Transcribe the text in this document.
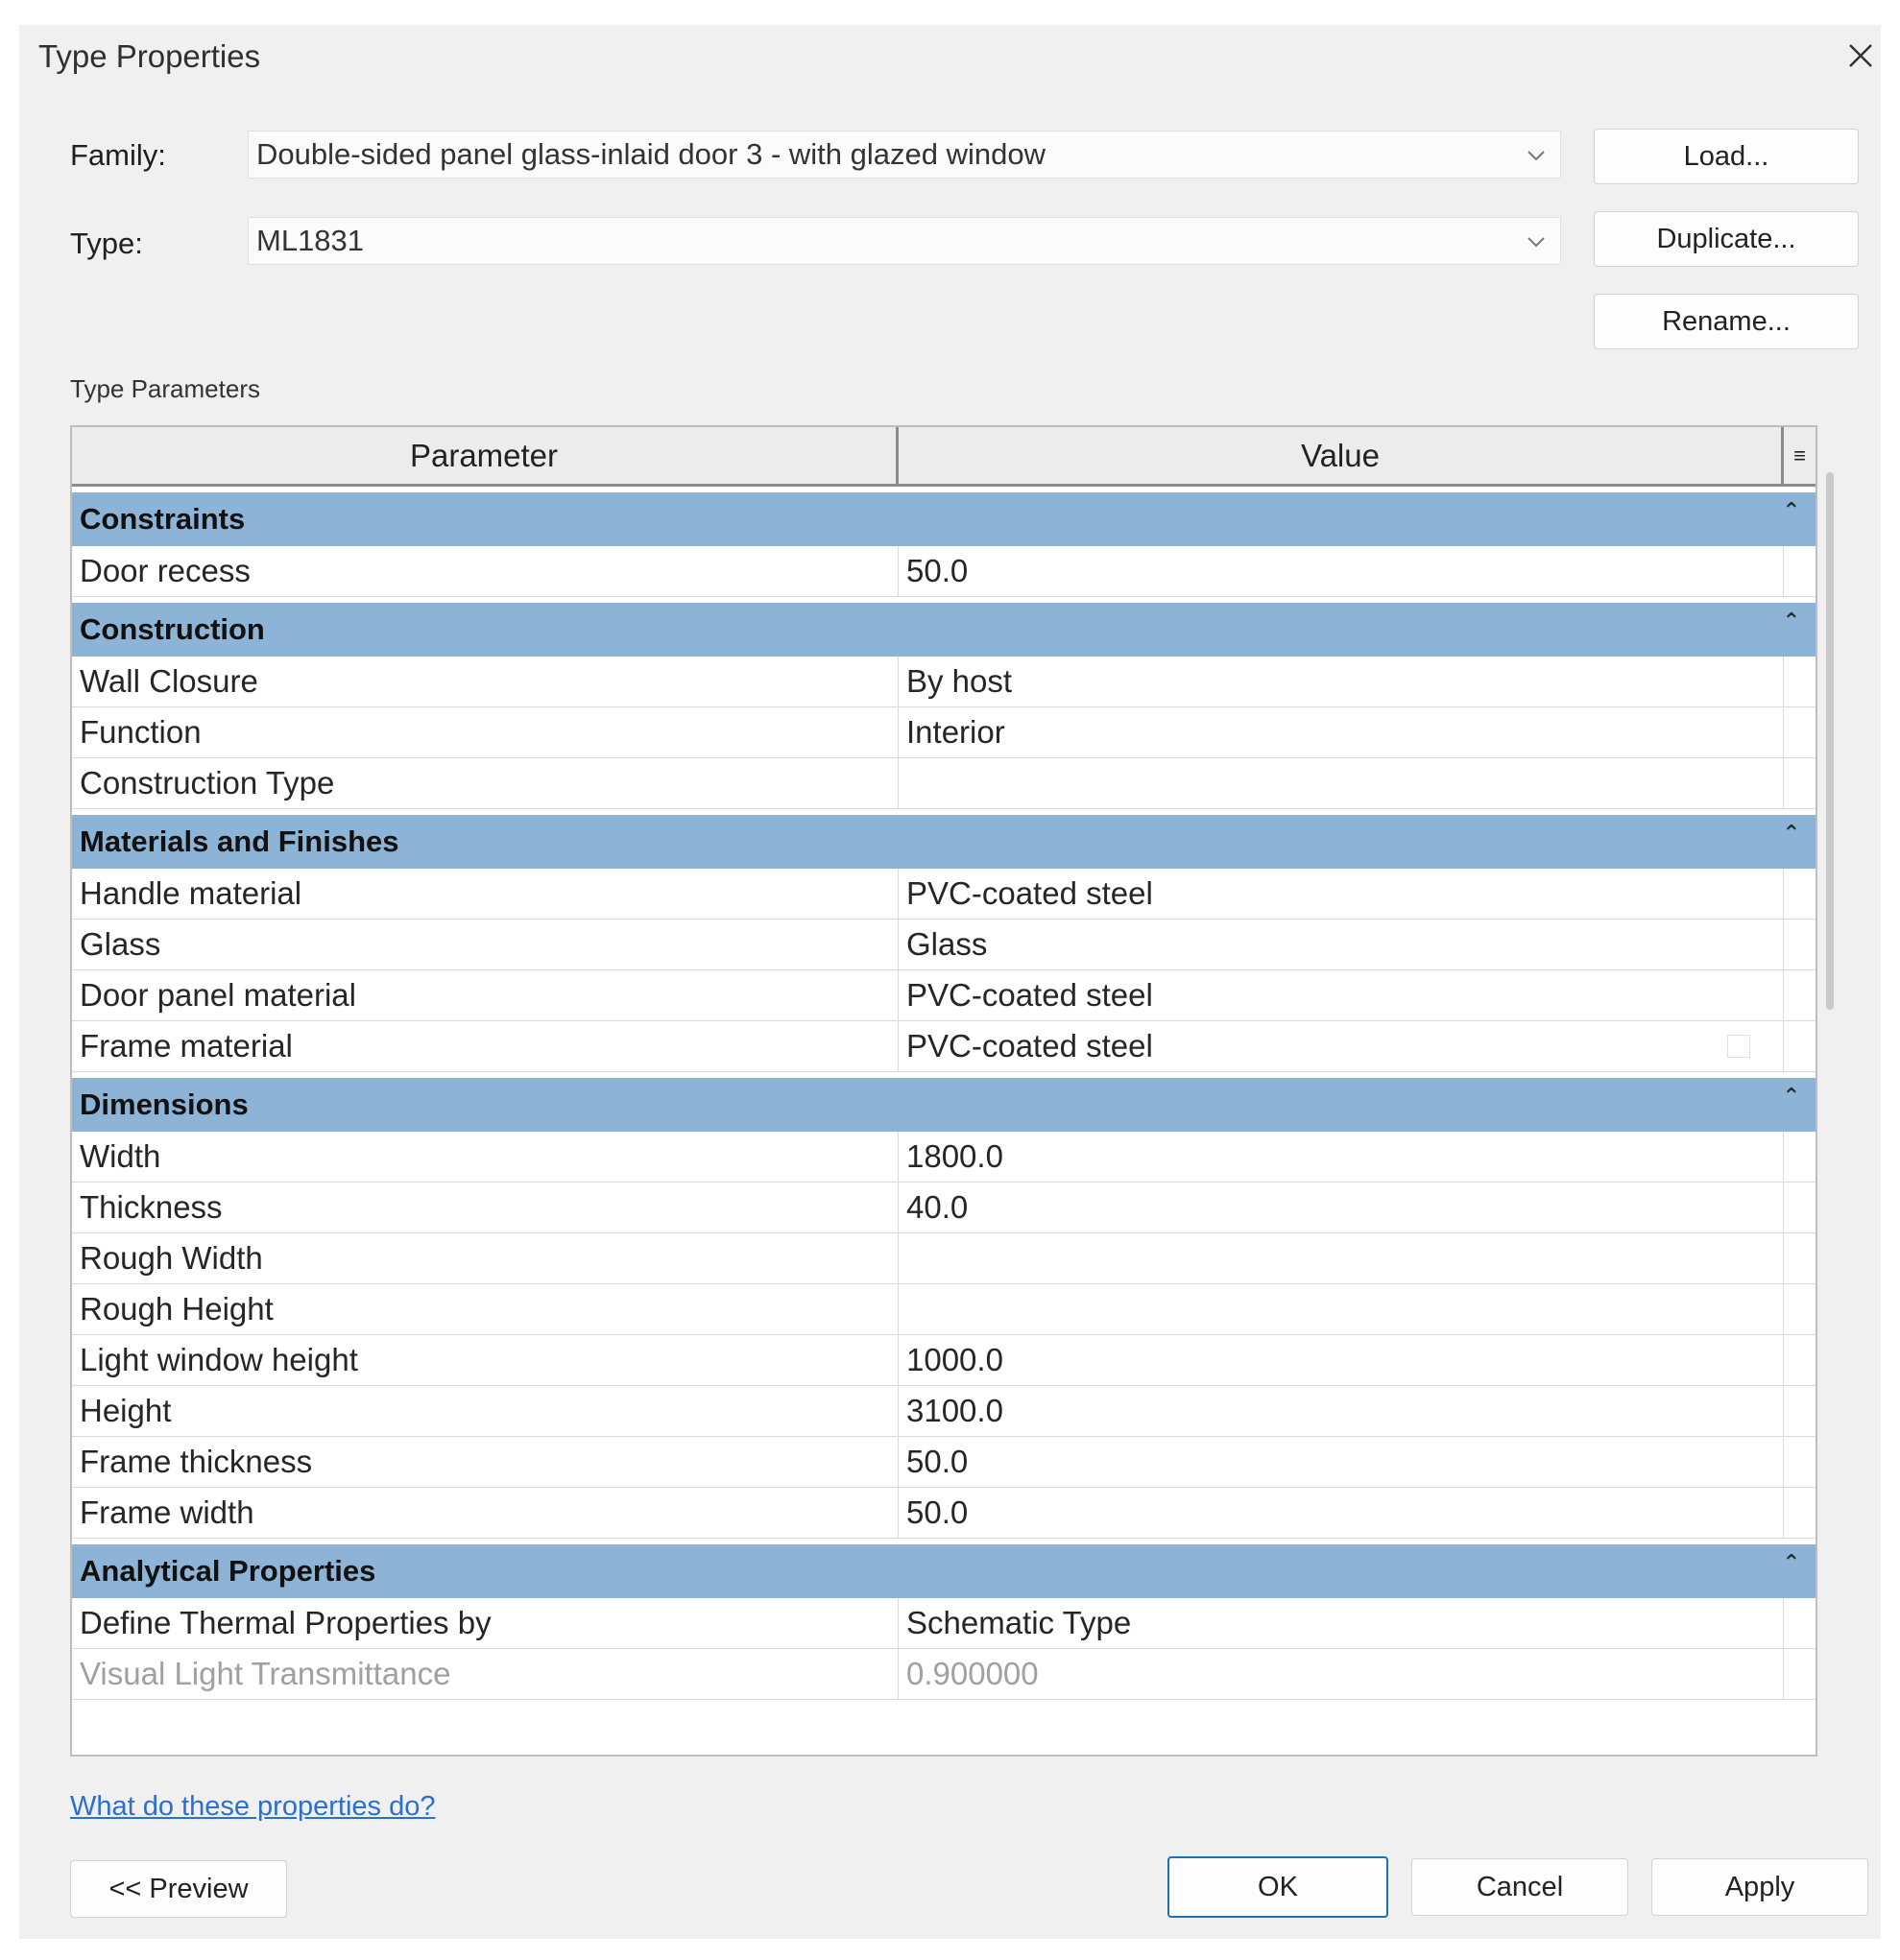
Type Properties
Family:	Double-sided panel glass-inlaid door 3 - with glazed window	Load...
Type:	ML1831	Duplicate...
Rename...
Type Parameters
Parameter	Value	≡
Constraints	⌃
Door recess	50.0
Construction	⌃
Wall Closure	By host
Function	Interior
Construction Type
Materials and Finishes	⌃
Handle material	PVC-coated steel
Glass	Glass
Door panel material	PVC-coated steel
Frame material	PVC-coated steel
Dimensions	⌃
Width	1800.0
Thickness	40.0
Rough Width
Rough Height
Light window height	1000.0
Height	3100.0
Frame thickness	50.0
Frame width	50.0
Analytical Properties	⌃
Define Thermal Properties by	Schematic Type
Visual Light Transmittance	0.900000
What do these properties do?
<< Preview	OK	Cancel	Apply
